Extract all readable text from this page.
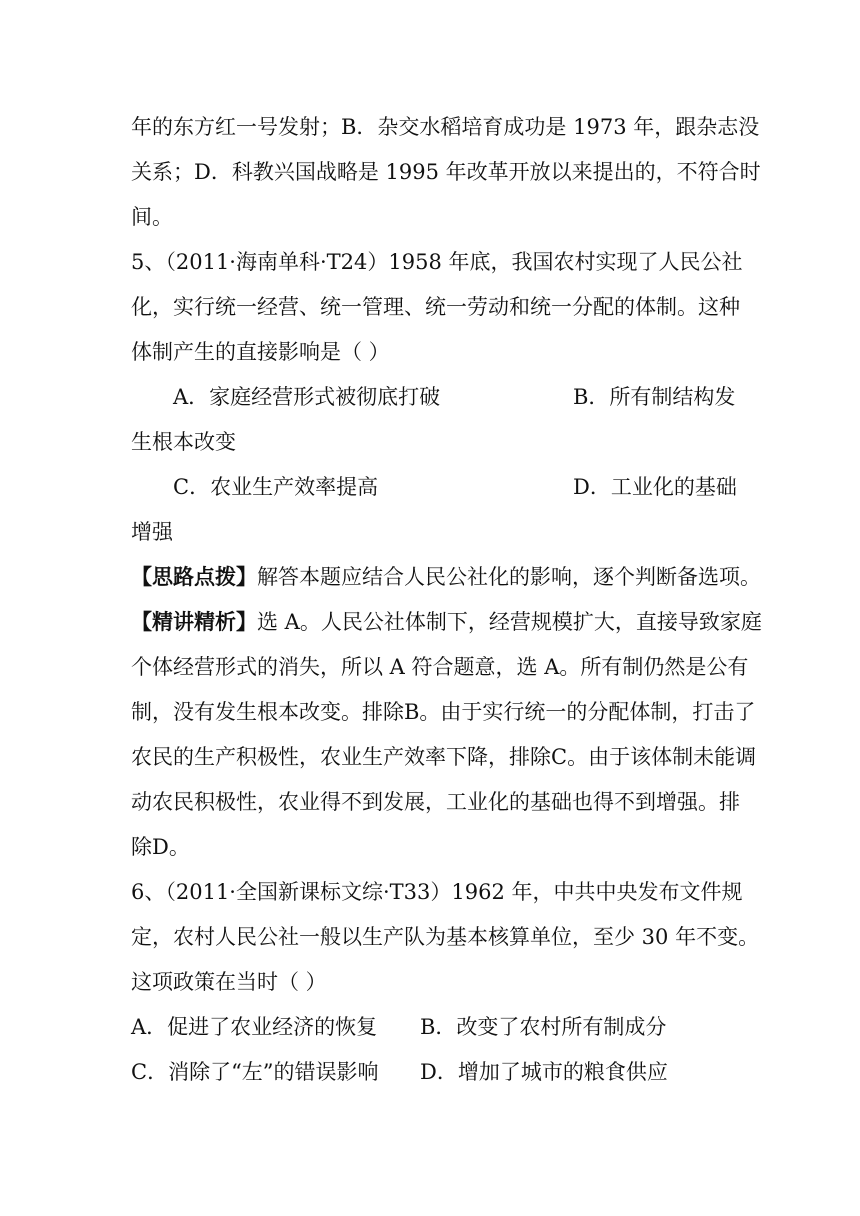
年的东方红一号发射；B．杂交水稻培育成功是 1973 年，跟杂志没
关系；D．科教兴国战略是 1995 年改革开放以来提出的，不符合时
间。
5、（2011·海南单科·T24）1958 年底，我国农村实现了人民公社
化，实行统一经营、统一管理、统一劳动和统一分配的体制。这种
体制产生的直接影响是（ ）
A．家庭经营形式被彻底打破	B．所有制结构发
生根本改变
C．农业生产效率提高	D．工业化的基础
增强
【思路点拨】解答本题应结合人民公社化的影响，逐个判断备选项。
【精讲精析】选 A。人民公社体制下，经营规模扩大，直接导致家庭
个体经营形式的消失，所以 A 符合题意，选 A。所有制仍然是公有
制，没有发生根本改变。排除B。由于实行统一的分配体制，打击了
农民的生产积极性，农业生产效率下降，排除C。由于该体制未能调
动农民积极性，农业得不到发展，工业化的基础也得不到增强。排
除D。
6、（2011·全国新课标文综·T33）1962 年，中共中央发布文件规
定，农村人民公社一般以生产队为基本核算单位，至少 30 年不变。
这项政策在当时（ ）
A．促进了农业经济的恢复 B．改变了农村所有制成分
C．消除了“左”的错误影响 D．增加了城市的粮食供应
